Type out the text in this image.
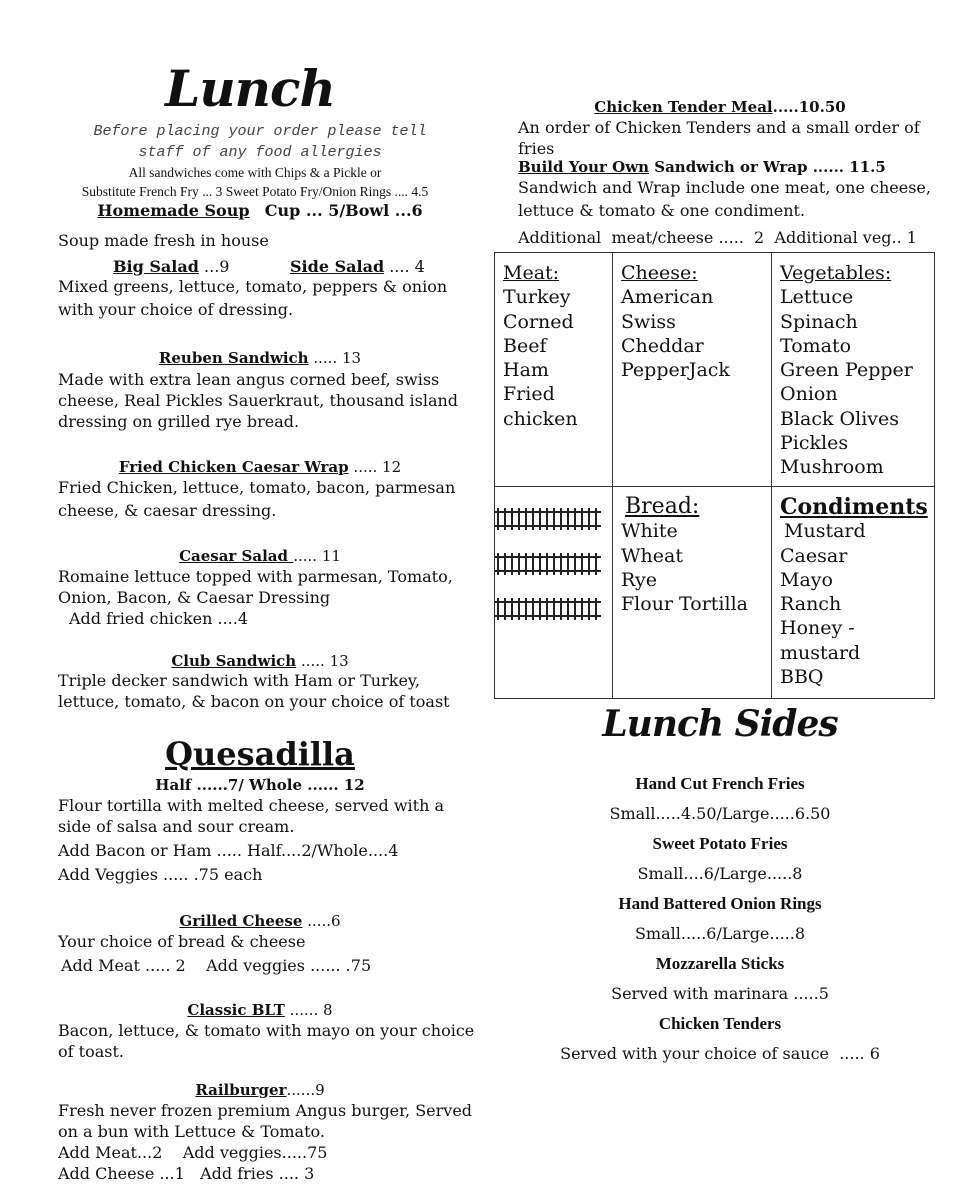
Lunch
Before placing your order please tell
staff of any food allergies
All sandwiches come with Chips & a Pickle or
Substitute French Fry ... 3 Sweet Potato Fry/Onion Rings .... 4.5
Homemade Soup Cup ... 5/Bowl ...6
Soup made fresh in house
Big Salad ...9	Side Salad .... 4
Mixed greens, lettuce, tomato, peppers & onion
with your choice of dressing.
Reuben Sandwich ..... 13
Made with extra lean angus corned beef, swiss
cheese, Real Pickles Sauerkraut, thousand island
dressing on grilled rye bread.
Fried Chicken Caesar Wrap ..... 12
Fried Chicken, lettuce, tomato, bacon, parmesan
cheese, & caesar dressing.
Caesar Salad ..... 11
Romaine lettuce topped with parmesan, Tomato,
Onion, Bacon, & Caesar Dressing
Add fried chicken ....4
Club Sandwich ..... 13
Triple decker sandwich with Ham or Turkey,
lettuce, tomato, & bacon on your choice of toast
Quesadilla
Half ......7/ Whole ...... 12
Flour tortilla with melted cheese, served with a
side of salsa and sour cream.
Add Bacon or Ham ..... Half....2/Whole....4
Add Veggies ..... .75 each
Grilled Cheese .....6
Your choice of bread & cheese
Add Meat ..... 2    Add veggies ...... .75
Classic BLT ...... 8
Bacon, lettuce, & tomato with mayo on your choice
of toast.
Railburger......9
Fresh never frozen premium Angus burger, Served
on a bun with Lettuce & Tomato.
Add Meat...2    Add veggies.....75
Add Cheese ...1   Add fries .... 3
Chicken Tender Meal.....10.50
An order of Chicken Tenders and a small order of
fries
Build Your Own Sandwich or Wrap ...... 11.5
Sandwich and Wrap include one meat, one cheese,
lettuce & tomato & one condiment.
Additional  meat/cheese .....  2  Additional veg.. 1
Meat:
Turkey
Corned
Beef
Ham
Fried
chicken
Cheese:
American
Swiss
Cheddar
PepperJack
Vegetables:
Lettuce
Spinach
Tomato
Green Pepper
Onion
Black Olives
Pickles
Mushroom
Bread:
White
Wheat
Rye
Flour Tortilla
Condiments
Mustard
Caesar
Mayo
Ranch
Honey -
mustard
BBQ
Lunch Sides
Hand Cut French Fries
Small.....4.50/Large.....6.50
Sweet Potato Fries
Small....6/Large.....8
Hand Battered Onion Rings
Small.....6/Large.....8
Mozzarella Sticks
Served with marinara .....5
Chicken Tenders
Served with your choice of sauce  ..... 6
